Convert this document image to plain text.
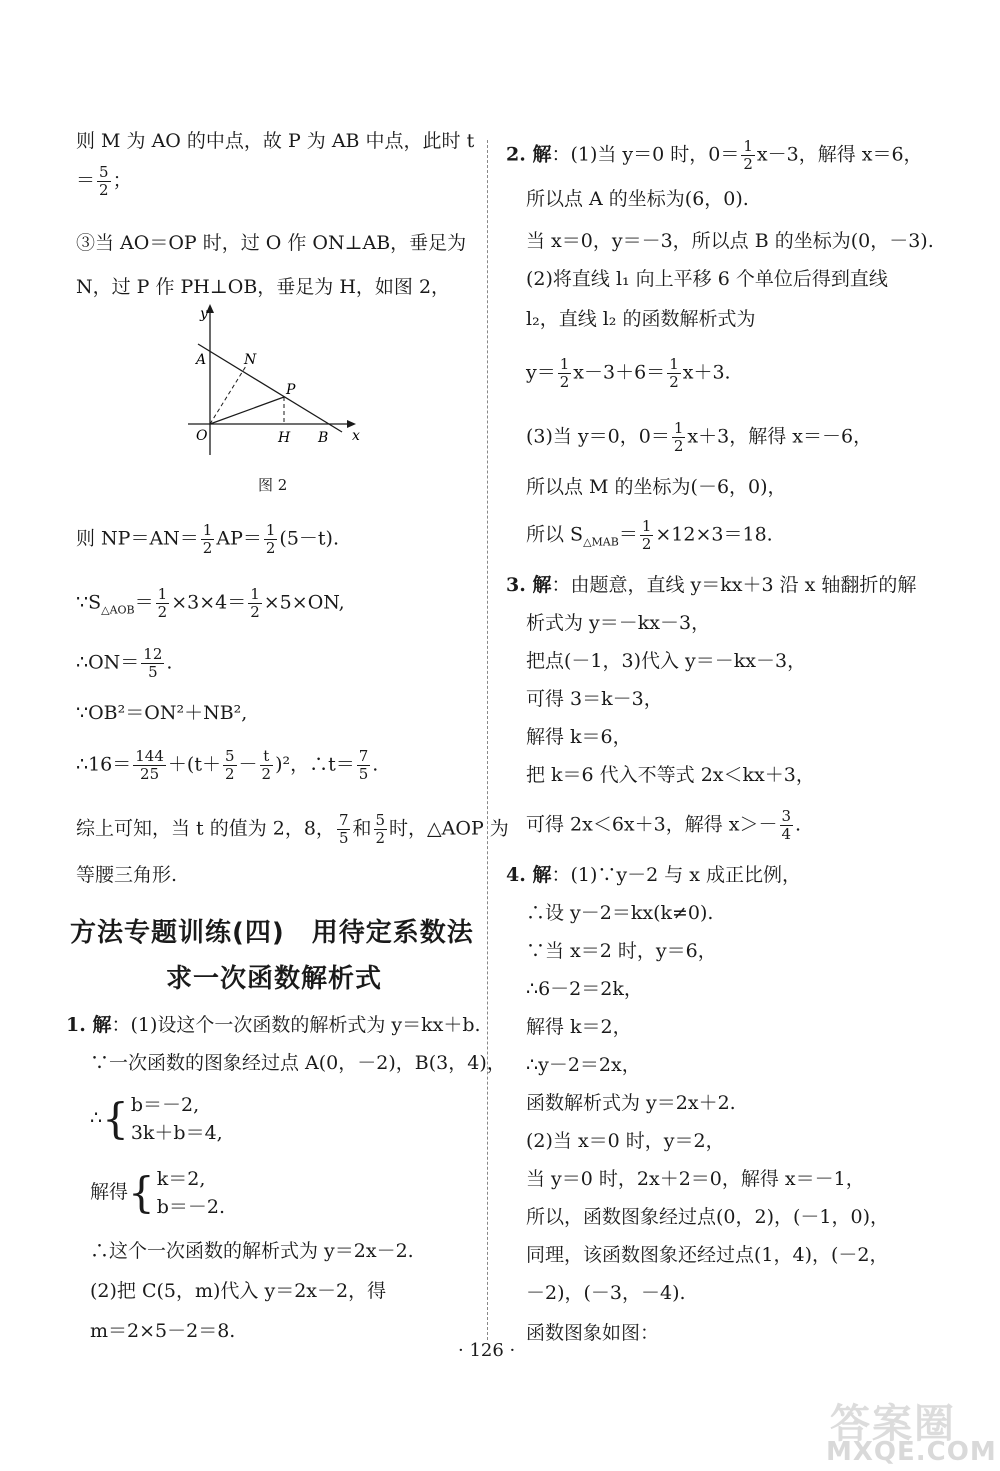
则 M 为 AO 的中点，故 P 为 AB 中点，此时 t
＝ $\frac{5}{2}$ ；
③当 AO＝OP 时，过 O 作 ON⊥AB，垂足为
N，过 P 作 PH⊥OB，垂足为 H，如图 2，
y
A	N
P
O	H B x
图 2
则 $NP=AN= \frac{1}{2} AP= \frac{1}{2} (5-t)$.
$\because S_{\triangle AOB}= \frac{1}{2} \times 3\times 4= \frac{1}{2} \times 5\times ON$,
∴ON＝ $\frac{12}{5}$ .
∵OB²＝ON²＋NB²,
∴16＝ $\frac{144}{25} +(t+ \frac{5}{2} - \frac{t}{2} )^2$，∴t＝ $\frac{7}{5}$ .
综上可知，当 t 的值为 2，8， $\frac{7}{5}$ 和 $\frac{5}{2}$ 时，△AOP 为
等腰三角形.
方法专题训练(四)　用待定系数法
求一次函数解析式
1. 解：(1)设这个一次函数的解析式为 y＝kx＋b.
∵一次函数的图象经过点 A(0，－2)，B(3，4)，
∴{ b＝－2,
3k＋b＝4,
解得{ k＝2,
b＝－2.
∴这个一次函数的解析式为 y＝2x－2.
(2)把 C(5，m)代入 y＝2x－2，得
m＝2×5－2＝8.
2. 解：(1)当 y＝0 时，$0= \frac{1}{2} x-3$，解得 x＝6，
所以点 A 的坐标为(6，0).
当 x＝0，y＝－3，所以点 B 的坐标为(0，－3).
(2)将直线 l₁ 向上平移 6 个单位后得到直线
l₂，直线 l₂ 的函数解析式为
$y= \frac{1}{2} x-3+6= \frac{1}{2} x+3$.
(3)当 y＝0，$0= \frac{1}{2} x+3$，解得 x＝－6，
所以点 M 的坐标为(－6，0)，
所以 $S_{\triangle MAB}= \frac{1}{2} \times 12\times 3=18$.
3. 解：由题意，直线 y＝kx＋3 沿 x 轴翻折的解
析式为 y＝－kx－3，
把点(－1，3)代入 y＝－kx－3，
可得 3＝k－3，
解得 k＝6，
把 k＝6 代入不等式 2x＜kx＋3，
可得 2x＜6x＋3，解得 $x>- \frac{3}{4}$ .
4. 解：(1)∵y－2 与 x 成正比例，
∴设 y－2＝kx(k≠0).
∵当 x＝2 时，y＝6，
∴6－2＝2k，
解得 k＝2，
∴y－2＝2x，
函数解析式为 y＝2x＋2.
(2)当 x＝0 时，y＝2，
当 y＝0 时，2x＋2＝0，解得 x＝－1，
所以，函数图象经过点(0，2)，(－1，0)，
同理，该函数图象还经过点(1，4)，(－2，
－2)，(－3，－4).
函数图象如图：
· 126 ·
答案圈
MXQE.COM
